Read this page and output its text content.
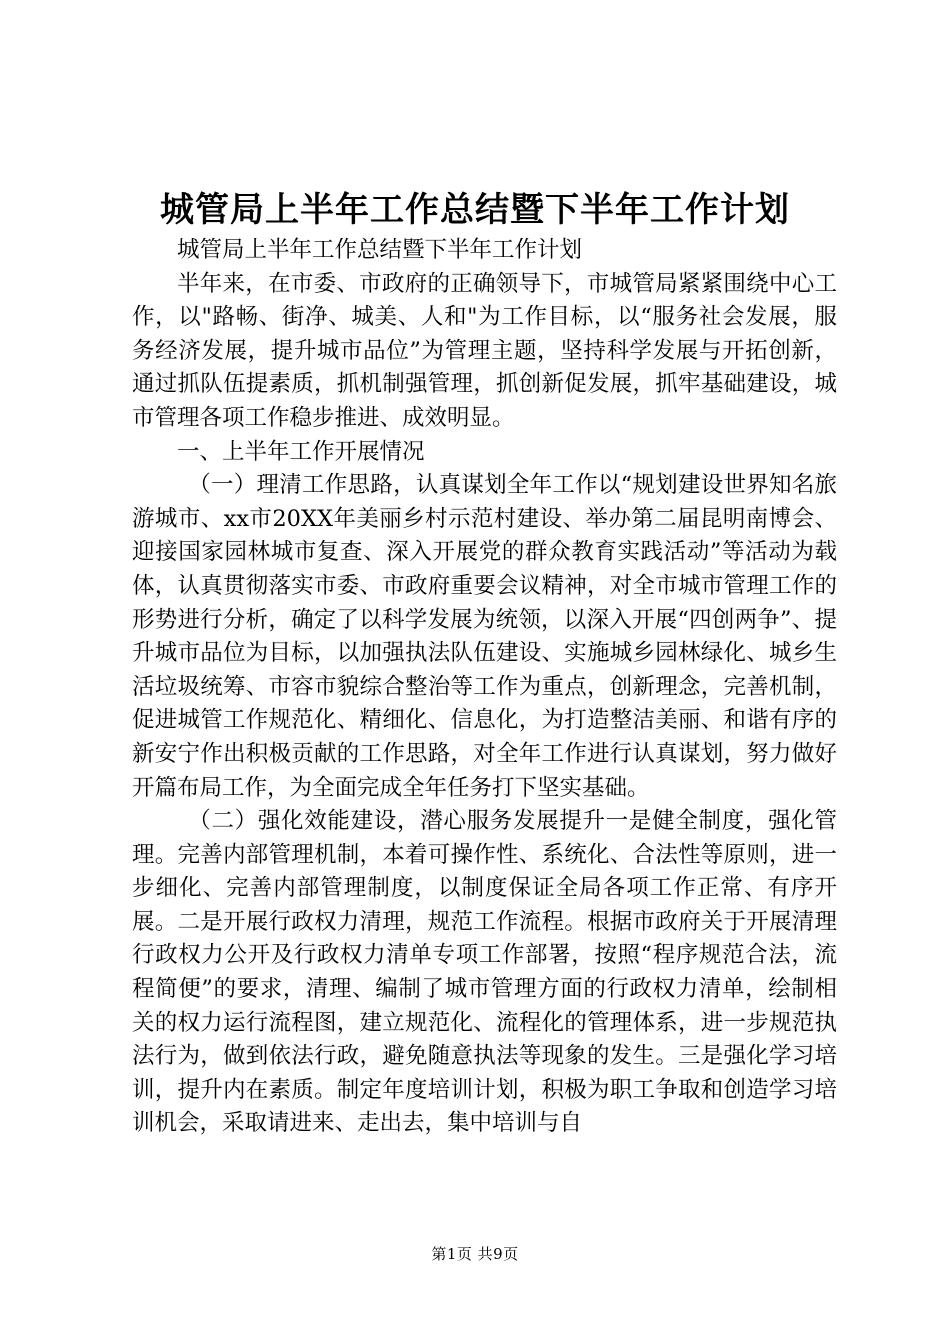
城管局上半年工作总结暨下半年工作计划

城管局上半年工作总结暨下半年工作计划

半年来，在市委、市政府的正确领导下，市城管局紧紧围绕中心工作，以"路畅、街净、城美、人和"为工作目标，以“服务社会发展，服务经济发展，提升城市品位”为管理主题，坚持科学发展与开拓创新，通过抓队伍提素质，抓机制强管理，抓创新促发展，抓牢基础建设，城市管理各项工作稳步推进、成效明显。

一、上半年工作开展情况

（一）理清工作思路，认真谋划全年工作以“规划建设世界知名旅游城市、xx市20XX年美丽乡村示范村建设、举办第二届昆明南博会、迎接国家园林城市复查、深入开展党的群众教育实践活动”等活动为载体，认真贯彻落实市委、市政府重要会议精神，对全市城市管理工作的形势进行分析，确定了以科学发展为统领，以深入开展“四创两争”、提升城市品位为目标，以加强执法队伍建设、实施城乡园林绿化、城乡生活垃圾统筹、市容市貌综合整治等工作为重点，创新理念，完善机制，促进城管工作规范化、精细化、信息化，为打造整洁美丽、和谐有序的新安宁作出积极贡献的工作思路，对全年工作进行认真谋划，努力做好开篇布局工作，为全面完成全年任务打下坚实基础。

（二）强化效能建设，潜心服务发展提升一是健全制度，强化管理。完善内部管理机制，本着可操作性、系统化、合法性等原则，进一步细化、完善内部管理制度，以制度保证全局各项工作正常、有序开展。二是开展行政权力清理，规范工作流程。根据市政府关于开展清理行政权力公开及行政权力清单专项工作部署，按照“程序规范合法，流程简便”的要求，清理、编制了城市管理方面的行政权力清单，绘制相关的权力运行流程图，建立规范化、流程化的管理体系，进一步规范执法行为，做到依法行政，避免随意执法等现象的发生。三是强化学习培训，提升内在素质。制定年度培训计划，积极为职工争取和创造学习培训机会，采取请进来、走出去，集中培训与自

第1页 共9页
